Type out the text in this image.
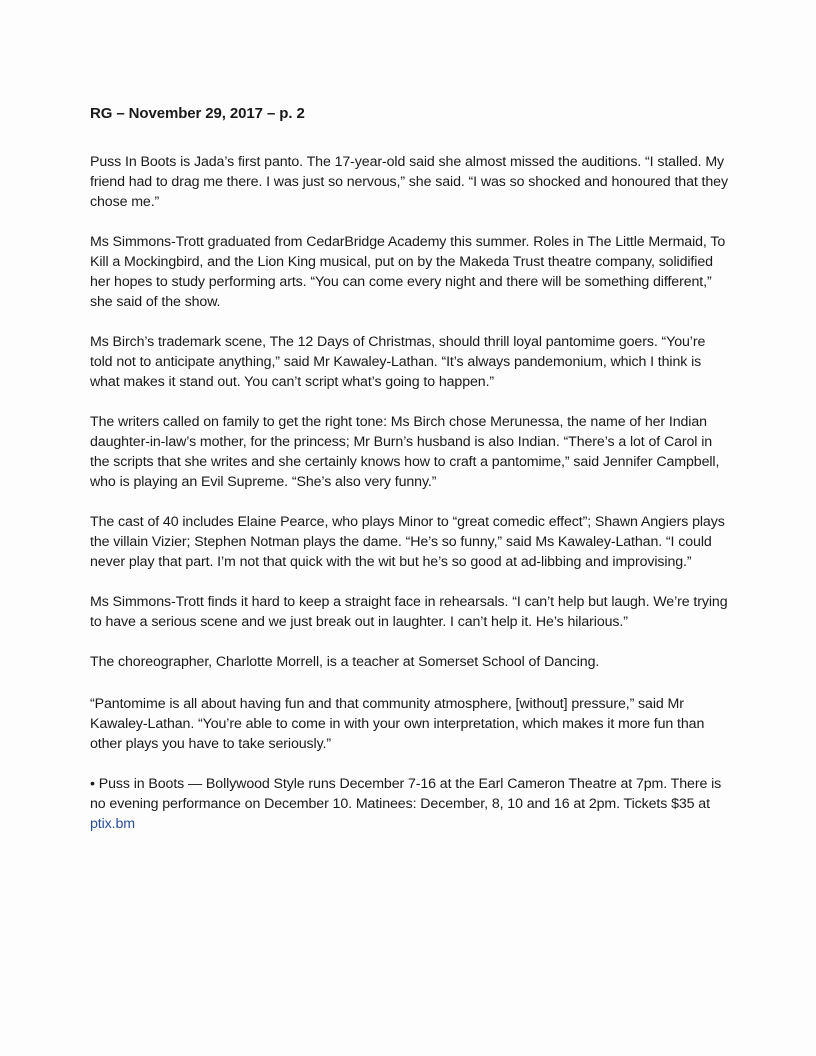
RG – November 29, 2017 – p. 2

Puss In Boots is Jada’s first panto. The 17-year-old said she almost missed the auditions. “I stalled. My friend had to drag me there. I was just so nervous,” she said. “I was so shocked and honoured that they chose me.”

Ms Simmons-Trott graduated from CedarBridge Academy this summer. Roles in The Little Mermaid, To Kill a Mockingbird, and the Lion King musical, put on by the Makeda Trust theatre company, solidified her hopes to study performing arts. “You can come every night and there will be something different,” she said of the show.

Ms Birch’s trademark scene, The 12 Days of Christmas, should thrill loyal pantomime goers. “You’re told not to anticipate anything,” said Mr Kawaley-Lathan. “It’s always pandemonium, which I think is what makes it stand out. You can’t script what’s going to happen.”

The writers called on family to get the right tone: Ms Birch chose Merunessa, the name of her Indian daughter-in-law’s mother, for the princess; Mr Burn’s husband is also Indian. “There’s a lot of Carol in the scripts that she writes and she certainly knows how to craft a pantomime,” said Jennifer Campbell, who is playing an Evil Supreme. “She’s also very funny.”

The cast of 40 includes Elaine Pearce, who plays Minor to “great comedic effect”; Shawn Angiers plays the villain Vizier; Stephen Notman plays the dame. “He’s so funny,” said Ms Kawaley-Lathan. “I could never play that part. I’m not that quick with the wit but he’s so good at ad-libbing and improvising.”

Ms Simmons-Trott finds it hard to keep a straight face in rehearsals. “I can’t help but laugh. We’re trying to have a serious scene and we just break out in laughter. I can’t help it. He’s hilarious.”

The choreographer, Charlotte Morrell, is a teacher at Somerset School of Dancing.

“Pantomime is all about having fun and that community atmosphere, [without] pressure,” said Mr Kawaley-Lathan. “You’re able to come in with your own interpretation, which makes it more fun than other plays you have to take seriously.”

• Puss in Boots — Bollywood Style runs December 7-16 at the Earl Cameron Theatre at 7pm. There is no evening performance on December 10. Matinees: December, 8, 10 and 16 at 2pm. Tickets $35 at ptix.bm
